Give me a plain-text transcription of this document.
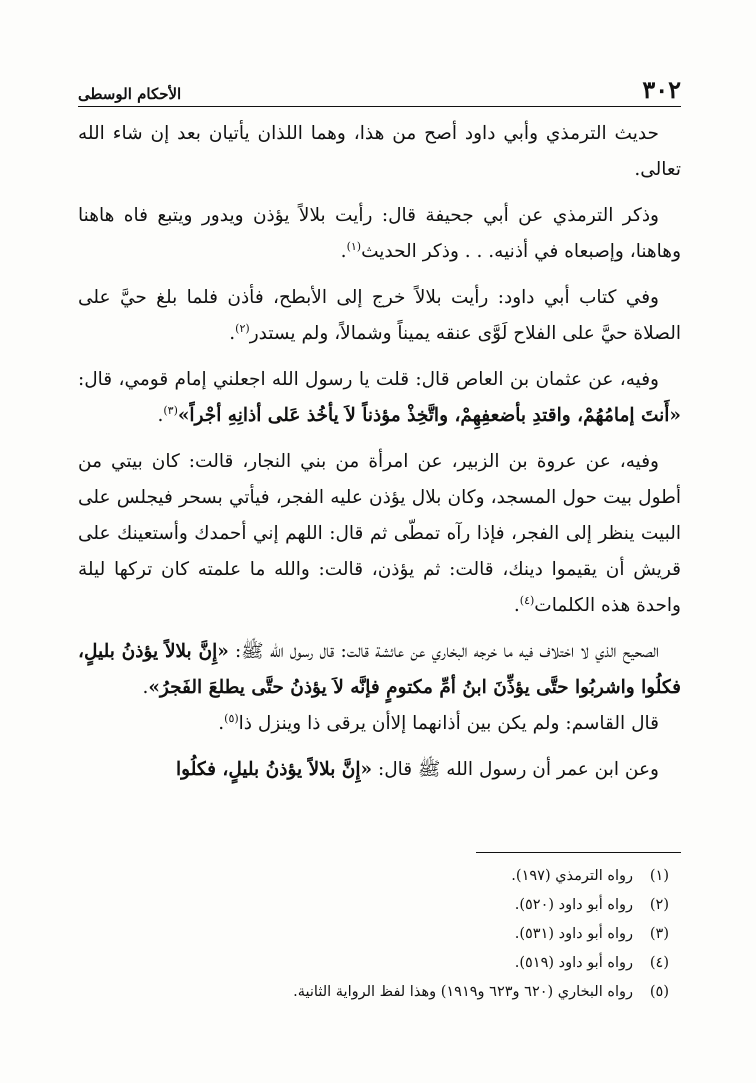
٣٠٢
الأحكام الوسطى

حديث الترمذي وأبي داود أصح من هذا، وهما اللذان يأتيان بعد إن شاء الله تعالى.

وذكر الترمذي عن أبي جحيفة قال: رأيت بلالاً يؤذن ويدور ويتبع فاه هاهنا وهاهنا، وإصبعاه في أذنيه. . . وذكر الحديث$^{(١)}$.

وفي كتاب أبي داود: رأيت بلالاً خرج إلى الأبطح، فأذن فلما بلغ حيَّ على الصلاة حيَّ على الفلاح لَوَّى عنقه يميناً وشمالاً، ولم يستدر$^{(٢)}$.

وفيه، عن عثمان بن العاص قال: قلت يا رسول الله اجعلني إمام قومي، قال: «أَنتَ إمامُهُمْ، واقتدِ بأضعفِهِمْ، واتَّخِذْ مؤذناً لاَ يأخُذ عَلى أذانِهِ أجْراً»$^{(٣)}$.

وفيه، عن عروة بن الزبير، عن امرأة من بني النجار، قالت: كان بيتي من أطول بيت حول المسجد، وكان بلال يؤذن عليه الفجر، فيأتي بسحر فيجلس على البيت ينظر إلى الفجر، فإذا رآه تمطّى ثم قال: اللهم إني أحمدك وأستعينك على قريش أن يقيموا دينك، قالت: ثم يؤذن، قالت: والله ما علمته كان تركها ليلة واحدة هذه الكلمات$^{(٤)}$.

الصحيح الذي لا اختلاف فيه ما خرجه البخاري عن عائشة قالت: قال رسول الله ﷺ: «إِنَّ بلالاً يؤذنُ بليلٍ، فكلُوا واشربُوا حتَّى يؤذِّنَ ابنُ أمِّ مكتومٍ فإنَّه لاَ يؤذنُ حتَّى يطلعَ الفَجرُ».

قال القاسم: ولم يكن بين أذانهما إلاأن يرقى ذا وينزل ذا$^{(٥)}$.

وعن ابن عمر أن رسول الله ﷺ قال: «إِنَّ بلالاً يؤذنُ بليلٍ، فكلُوا

(١)
رواه الترمذي (١٩٧).
(٢)
رواه أبو داود (٥٢٠).
(٣)
رواه أبو داود (٥٣١).
(٤)
رواه أبو داود (٥١٩).
(٥)
رواه البخاري (٦٢٠ و٦٢٣ و١٩١٩) وهذا لفظ الرواية الثانية.
